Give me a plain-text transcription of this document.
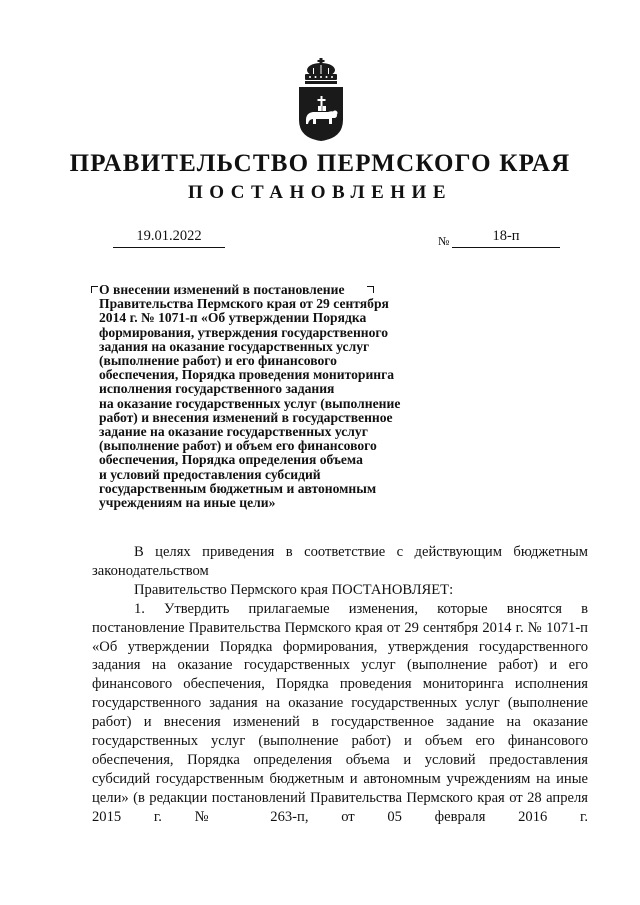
ПРАВИТЕЛЬСТВО ПЕРМСКОГО КРАЯ
ПОСТАНОВЛЕНИЕ
19.01.2022	№	18-п
О внесении изменений в постановление
Правительства Пермского края от 29 сентября
2014 г. № 1071-п «Об утверждении Порядка
формирования, утверждения государственного
задания на оказание государственных услуг
(выполнение работ) и его финансового
обеспечения, Порядка проведения мониторинга
исполнения государственного задания
на оказание государственных услуг (выполнение
работ) и внесения изменений в государственное
задание на оказание государственных услуг
(выполнение работ) и объем его финансового
обеспечения, Порядка определения объема
и условий предоставления субсидий
государственным бюджетным и автономным
учреждениям на иные цели»

В целях приведения в соответствие с действующим бюджетным законодательством

Правительство Пермского края ПОСТАНОВЛЯЕТ:

1. Утвердить прилагаемые изменения, которые вносятся в постановление Правительства Пермского края от 29 сентября 2014 г. № 1071-п «Об утверждении Порядка формирования, утверждения государственного задания на оказание государственных услуг (выполнение работ) и его финансового обеспечения, Порядка проведения мониторинга исполнения государственного задания на оказание государственных услуг (выполнение работ) и внесения изменений в государственное задание на оказание государственных услуг (выполнение работ) и объем его финансового обеспечения, Порядка определения объема и условий предоставления субсидий государственным бюджетным и автономным учреждениям на иные цели» (в редакции постановлений Правительства Пермского края от 28 апреля 2015 г. № 263-п, от 05 февраля 2016 г.
